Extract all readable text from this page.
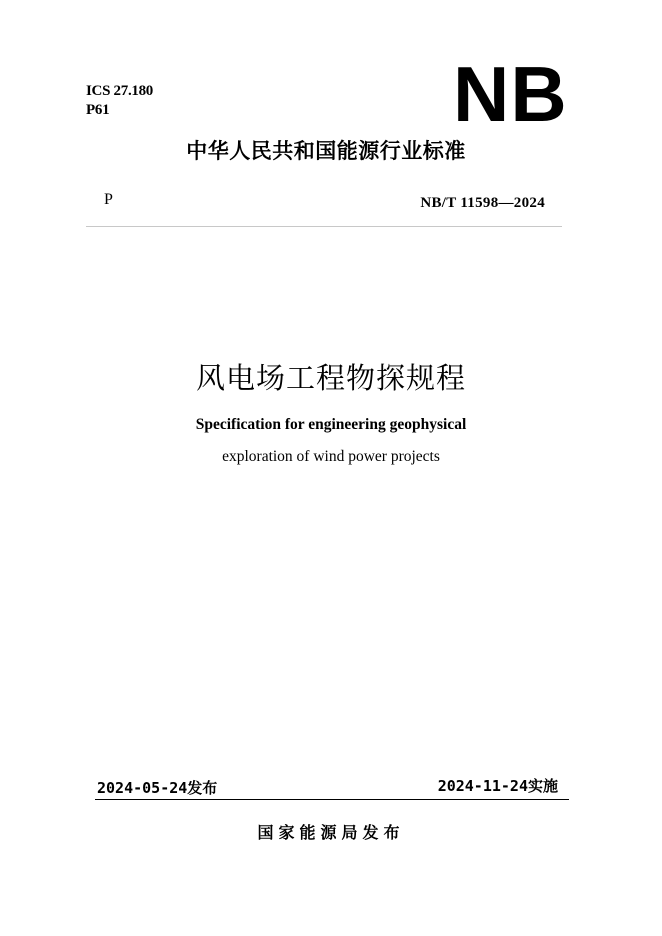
ICS 27.180
P61	NB
中华人民共和国能源行业标准
P	NB/T 11598—2024
风电场工程物探规程
Specification for engineering geophysical
exploration of wind power projects
2024-05-24发布	2024-11-24实施
国家能源局发布
